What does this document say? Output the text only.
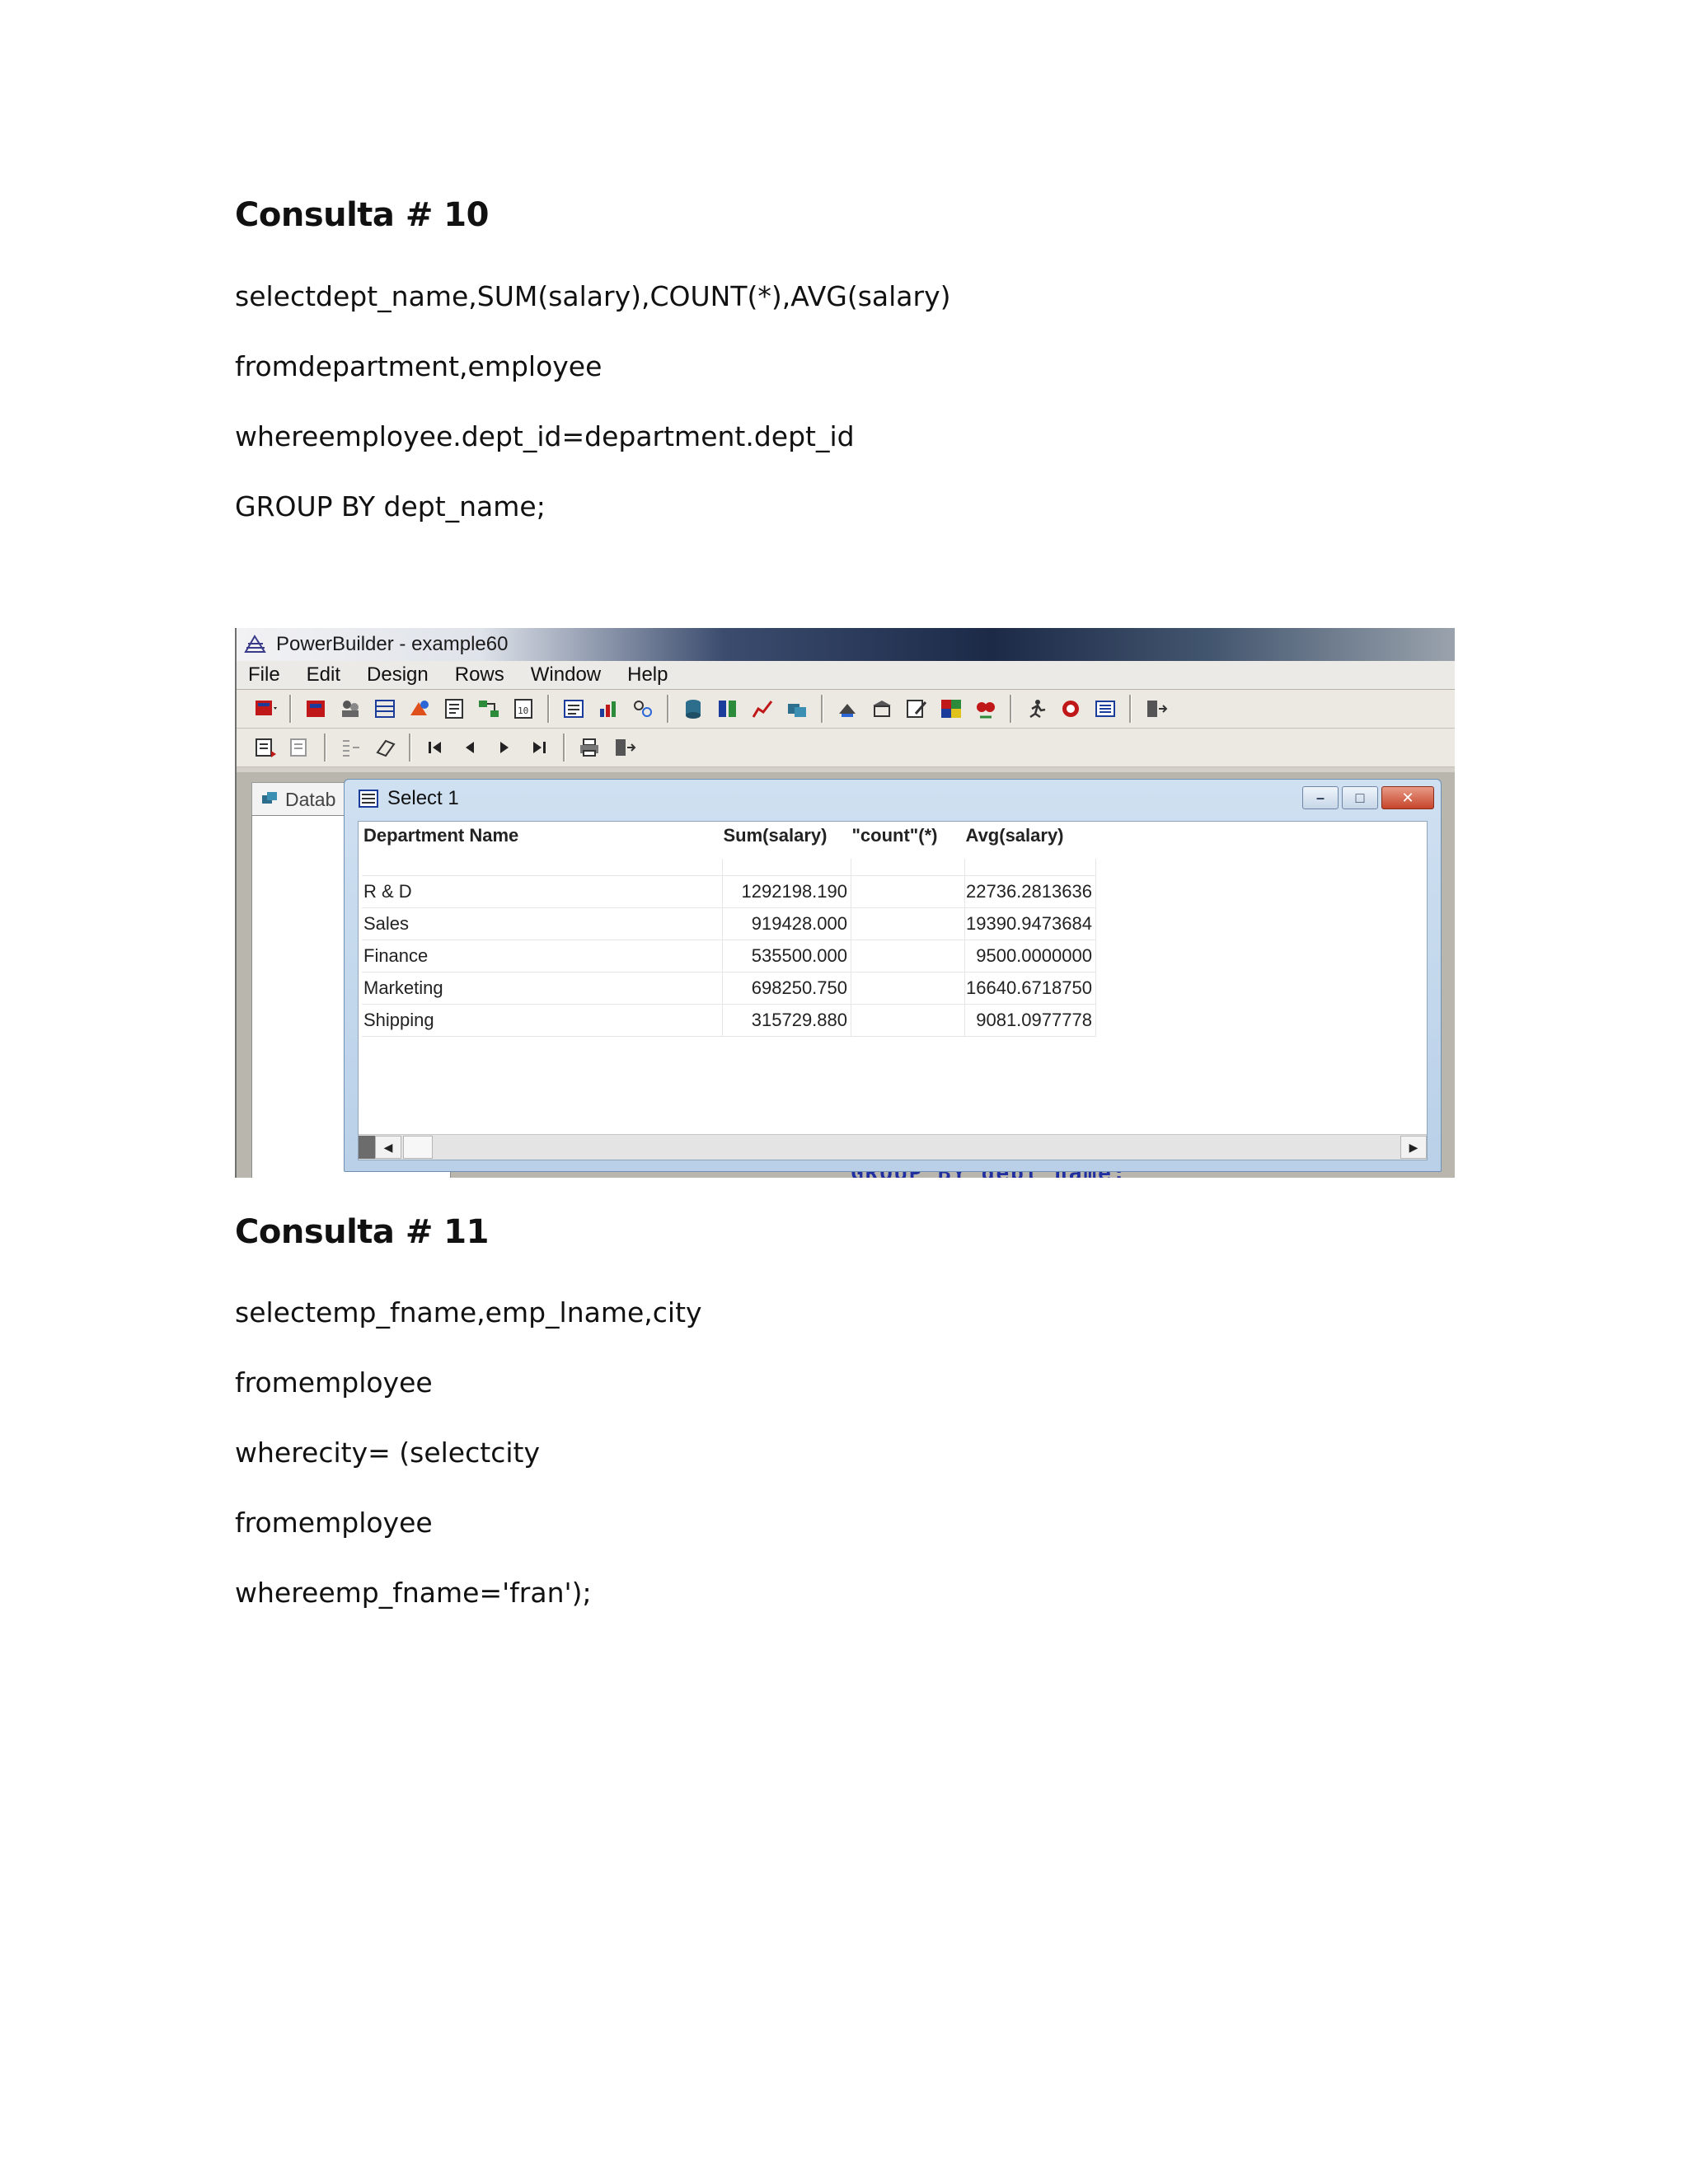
Consulta # 10
selectdept_name,SUM(salary),COUNT(*),AVG(salary)
fromdepartment,employee
whereemployee.dept_id=department.dept_id
GROUP BY dept_name;
PowerBuilder - example60
File Edit Design Rows Window Help
10
Datab	Select 1	–	□	✕
Department Name	Sum(salary)	"count"(*)	Avg(salary)

R & D	1292198.190		22736.2813636
Sales	919428.000		19390.9473684
Finance	535500.000		9500.0000000
Marketing	698250.750		16640.6718750
Shipping	315729.880		9081.0977778
◀	▶
Consulta # 11
selectemp_fname,emp_lname,city
fromemployee
wherecity= (selectcity
fromemployee
whereemp_fname='fran');
